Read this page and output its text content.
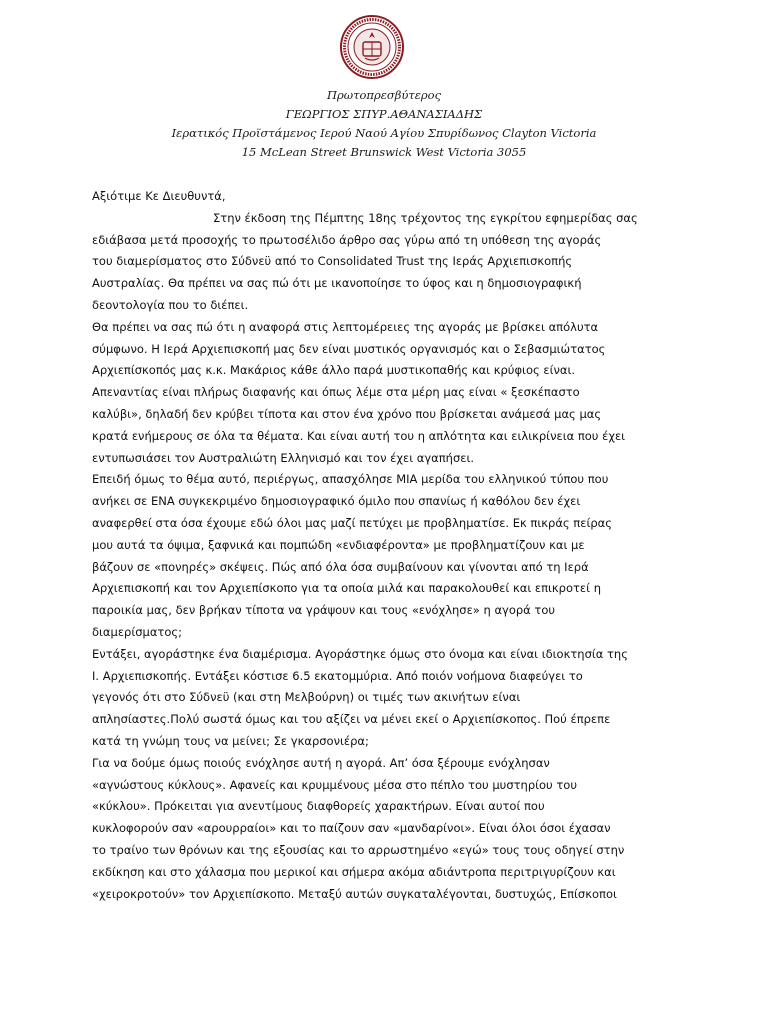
Πρωτοπρεσβύτερος
ΓΕΩΡΓΙΟΣ ΣΠΥΡ.ΑΘΑΝΑΣΙΑΔΗΣ
Ιερατικός Προϊστάμενος Ιερού Ναού Αγίου Σπυρίδωνος Clayton Victoria
15 McLean Street Brunswick West Victoria 3055
Αξιότιμε Κε Διευθυντά,
Στην έκδοση της Πέμπτης 18ης τρέχοντος της εγκρίτου εφημερίδας σας
εδιάβασα μετά προσοχής το πρωτοσέλιδο άρθρο σας γύρω από τη υπόθεση της αγοράς
του διαμερίσματος στο Σύδνεϋ από το Consolidated Trust της Ιεράς Αρχιεπισκοπής
Αυστραλίας. Θα πρέπει να σας πώ ότι με ικανοποίησε το ύφος και η δημοσιογραφική
δεοντολογία που το διέπει.
Θα πρέπει να σας πώ ότι η αναφορά στις λεπτομέρειες της αγοράς με βρίσκει απόλυτα
σύμφωνο. Η Ιερά Αρχιεπισκοπή μας δεν είναι μυστικός οργανισμός και ο Σεβασμιώτατος
Αρχιεπίσκοπός μας κ.κ. Μακάριος κάθε άλλο παρά μυστικοπαθής και κρύφιος είναι.
Απεναντίας είναι πλήρως διαφανής και όπως λέμε στα μέρη μας είναι « ξεσκέπαστο
καλύβι», δηλαδή δεν κρύβει τίποτα και στον ένα χρόνο που βρίσκεται ανάμεσά μας μας
κρατά ενήμερους σε όλα τα θέματα. Και είναι αυτή του η απλότητα και ειλικρίνεια που έχει
εντυπωσιάσει τον Αυστραλιώτη Ελληνισμό και τον έχει αγαπήσει.
Επειδή όμως το θέμα αυτό, περιέργως, απασχόλησε ΜΙΑ μερίδα του ελληνικού τύπου που
ανήκει σε ΕΝΑ συγκεκριμένο δημοσιογραφικό όμιλο που σπανίως ή καθόλου δεν έχει
αναφερθεί στα όσα έχουμε εδώ όλοι μας μαζί πετύχει με προβληματίσε. Εκ πικράς πείρας
μου αυτά τα όψιμα, ξαφνικά και πομπώδη «ενδιαφέροντα» με προβληματίζουν και με
βάζουν σε «πονηρές» σκέψεις. Πώς από όλα όσα συμβαίνουν και γίνονται από τη Ιερά
Αρχιεπισκοπή και τον Αρχιεπίσκοπο για τα οποία μιλά και παρακολουθεί και επικροτεί η
παροικία μας, δεν βρήκαν τίποτα να γράψουν και τους «ενόχλησε» η αγορά του
διαμερίσματος;
Εντάξει, αγοράστηκε ένα διαμέρισμα. Αγοράστηκε όμως στο όνομα και είναι ιδιοκτησία της
Ι. Αρχιεπισκοπής. Εντάξει κόστισε 6.5 εκατομμύρια. Από ποιόν νοήμονα διαφεύγει το
γεγονός ότι στο Σύδνεϋ (και στη Μελβούρνη) οι τιμές των ακινήτων είναι
απλησίαστες.Πολύ σωστά όμως και του αξίζει να μένει εκεί ο Αρχιεπίσκοπος. Πού έπρεπε
κατά τη γνώμη τους να μείνει; Σε γκαρσονιέρα;
Για να δούμε όμως ποιούς ενόχλησε αυτή η αγορά. Απ’ όσα ξέρουμε ενόχλησαν
«αγνώστους κύκλους». Αφανείς και κρυμμένους μέσα στο πέπλο του μυστηρίου του
«κύκλου». Πρόκειται για ανεντίμους διαφθορείς χαρακτήρων. Είναι αυτοί που
κυκλοφορούν σαν «αρουρραίοι» και το παίζουν σαν «μανδαρίνοι». Είναι όλοι όσοι έχασαν
το τραίνο των θρόνων και της εξουσίας και το αρρωστημένο «εγώ» τους τους οδηγεί στην
εκδίκηση και στο χάλασμα που μερικοί και σήμερα ακόμα αδιάντροπα περιτριγυρίζουν και
«χειροκροτούν» τον Αρχιεπίσκοπο. Μεταξύ αυτών συγκαταλέγονται, δυστυχώς, Επίσκοποι
